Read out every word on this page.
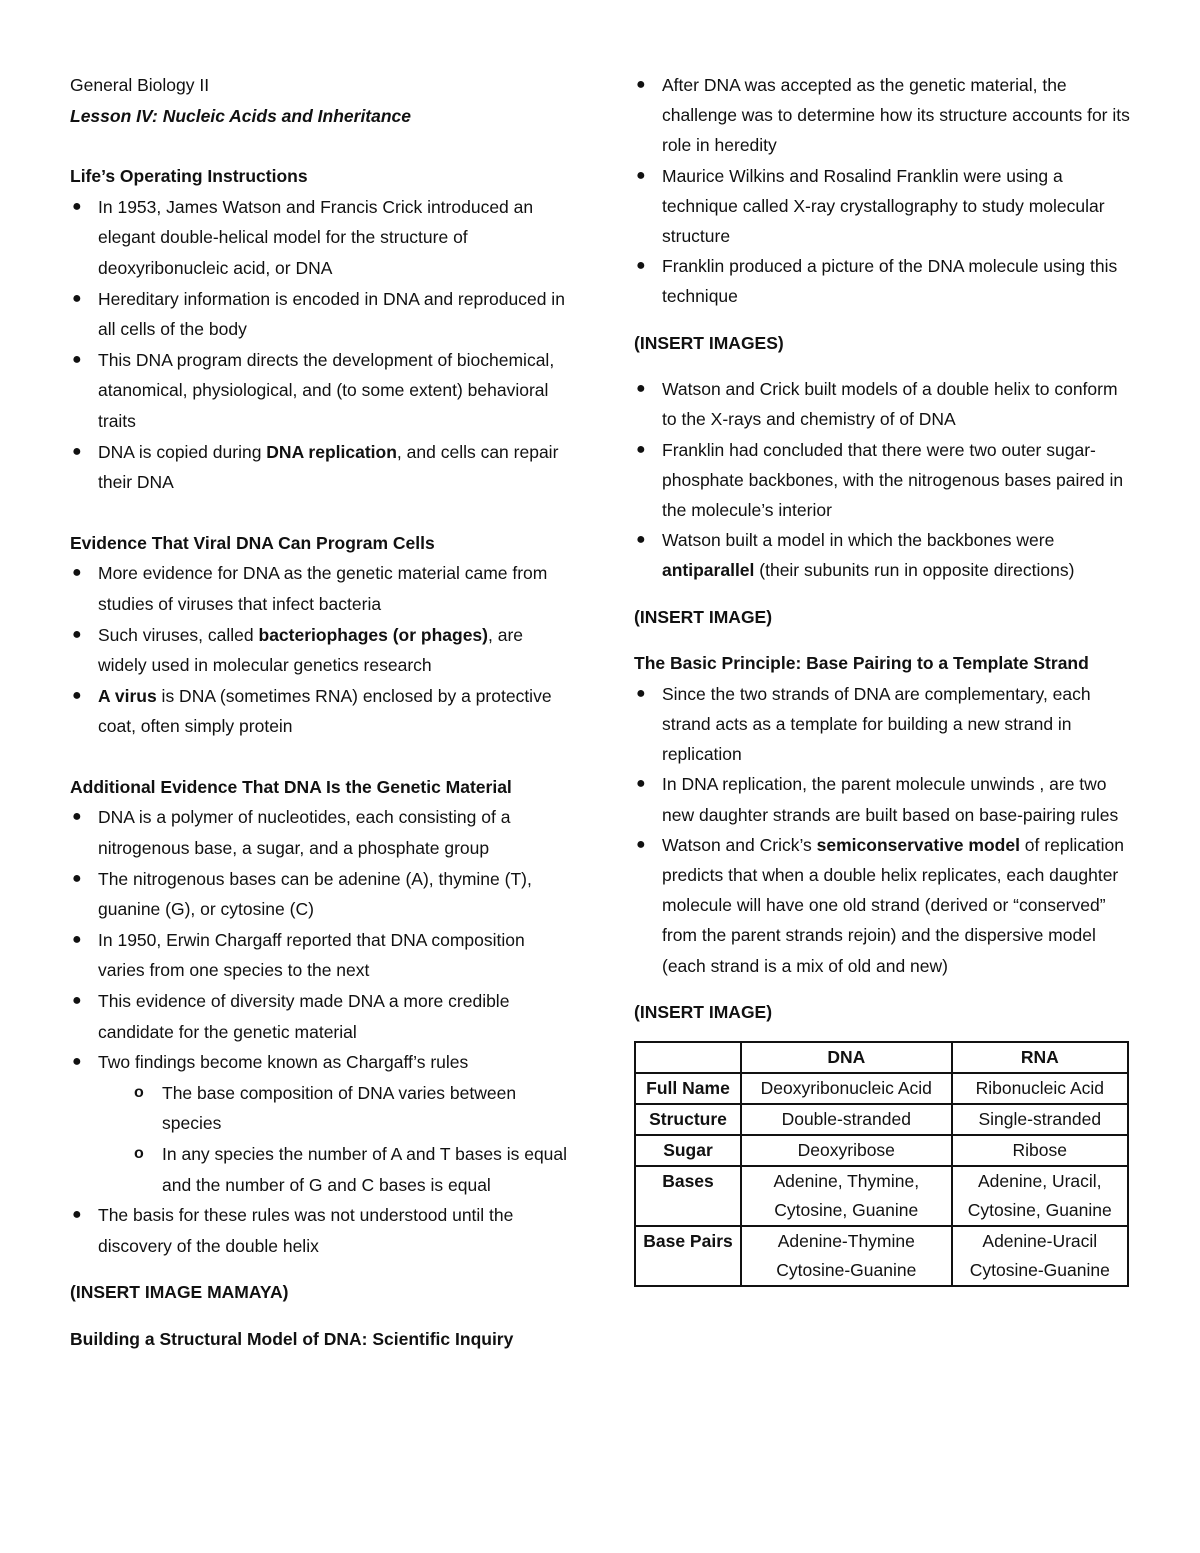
General Biology II

Lesson IV: Nucleic Acids and Inheritance

Life’s Operating Instructions

● In 1953, James Watson and Francis Crick introduced an elegant double-helical model for the structure of deoxyribonucleic acid, or DNA
● Hereditary information is encoded in DNA and reproduced in all cells of the body
● This DNA program directs the development of biochemical, atanomical, physiological, and (to some extent) behavioral traits
● DNA is copied during DNA replication, and cells can repair their DNA

Evidence That Viral DNA Can Program Cells

● More evidence for DNA as the genetic material came from studies of viruses that infect bacteria
● Such viruses, called bacteriophages (or phages), are widely used in molecular genetics research
● A virus is DNA (sometimes RNA) enclosed by a protective coat, often simply protein

Additional Evidence That DNA Is the Genetic Material

● DNA is a polymer of nucleotides, each consisting of a nitrogenous base, a sugar, and a phosphate group
● The nitrogenous bases can be adenine (A), thymine (T), guanine (G), or cytosine (C)
● In 1950, Erwin Chargaff reported that DNA composition varies from one species to the next
● This evidence of diversity made DNA a more credible candidate for the genetic material
● Two findings become known as Chargaff’s rules
o The base composition of DNA varies between species
o In any species the number of A and T bases is equal and the number of G and C bases is equal
● The basis for these rules was not understood until the discovery of the double helix

(INSERT IMAGE MAMAYA)

Building a Structural Model of DNA: Scientific Inquiry

● After DNA was accepted as the genetic material, the challenge was to determine how its structure accounts for its role in heredity
● Maurice Wilkins and Rosalind Franklin were using a technique called X-ray crystallography to study molecular structure
● Franklin produced a picture of the DNA molecule using this technique

(INSERT IMAGES)

● Watson and Crick built models of a double helix to conform to the X-rays and chemistry of of DNA
● Franklin had concluded that there were two outer sugar-phosphate backbones, with the nitrogenous bases paired in the molecule’s interior
● Watson built a model in which the backbones were antiparallel (their subunits run in opposite directions)

(INSERT IMAGE)

The Basic Principle: Base Pairing to a Template Strand

● Since the two strands of DNA are complementary, each strand acts as a template for building a new strand in replication
● In DNA replication, the parent molecule unwinds , are two new daughter strands are built based on base-pairing rules
● Watson and Crick’s semiconservative model of replication predicts that when a double helix replicates, each daughter molecule will have one old strand (derived or “conserved” from the parent strands rejoin) and the dispersive model (each strand is a mix of old and new)

(INSERT IMAGE)

	DNA	RNA
Full Name	Deoxyribonucleic Acid	Ribonucleic Acid
Structure	Double-stranded	Single-stranded
Sugar	Deoxyribose	Ribose
Bases	Adenine, Thymine, Cytosine, Guanine	Adenine, Uracil, Cytosine, Guanine
Base Pairs	Adenine-Thymine Cytosine-Guanine	Adenine-Uracil Cytosine-Guanine
